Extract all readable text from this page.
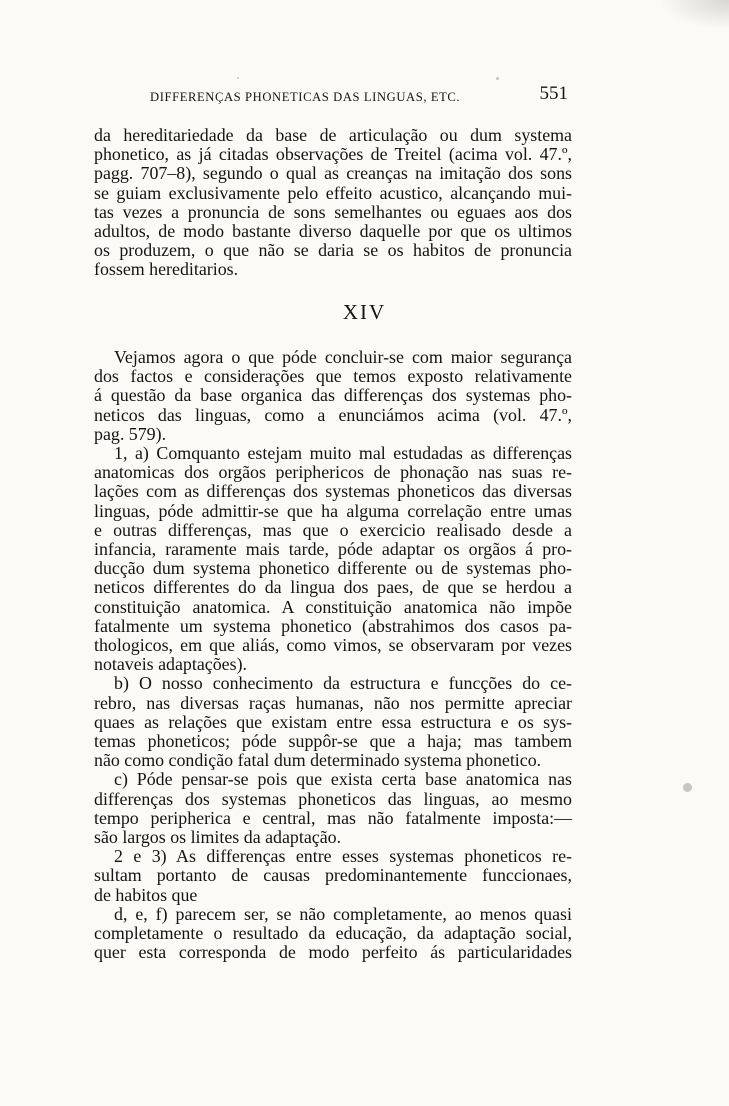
DIFFERENÇAS PHONETICAS DAS LINGUAS, ETC.	551
da hereditariedade da base de articulação ou dum systema
phonetico, as já citadas observações de Treitel (acima vol. 47.º,
pagg. 707–8), segundo o qual as creanças na imitação dos sons
se guiam exclusivamente pelo effeito acustico, alcançando mui-
tas vezes a pronuncia de sons semelhantes ou eguaes aos dos
adultos, de modo bastante diverso daquelle por que os ultimos
os produzem, o que não se daria se os habitos de pronuncia
fossem hereditarios.
XIV
Vejamos agora o que póde concluir-se com maior segurança
dos factos e considerações que temos exposto relativamente
á questão da base organica das differenças dos systemas pho-
neticos das linguas, como a enunciámos acima (vol. 47.º,
pag. 579).
1, a) Comquanto estejam muito mal estudadas as differenças
anatomicas dos orgãos periphericos de phonação nas suas re-
lações com as differenças dos systemas phoneticos das diversas
linguas, póde admittir-se que ha alguma correlação entre umas
e outras differenças, mas que o exercicio realisado desde a
infancia, raramente mais tarde, póde adaptar os orgãos á pro-
ducção dum systema phonetico differente ou de systemas pho-
neticos differentes do da lingua dos paes, de que se herdou a
constituição anatomica. A constituição anatomica não impõe
fatalmente um systema phonetico (abstrahimos dos casos pa-
thologicos, em que aliás, como vimos, se observaram por vezes
notaveis adaptações).
b) O nosso conhecimento da estructura e funcções do ce-
rebro, nas diversas raças humanas, não nos permitte apreciar
quaes as relações que existam entre essa estructura e os sys-
temas phoneticos; póde suppôr-se que a haja; mas tambem
não como condição fatal dum determinado systema phonetico.
c) Póde pensar-se pois que exista certa base anatomica nas
differenças dos systemas phoneticos das linguas, ao mesmo
tempo peripherica e central, mas não fatalmente imposta:—
são largos os limites da adaptação.
2 e 3) As differenças entre esses systemas phoneticos re-
sultam portanto de causas predominantemente funccionaes,
de habitos que
d, e, f) parecem ser, se não completamente, ao menos quasi
completamente o resultado da educação, da adaptação social,
quer esta corresponda de modo perfeito ás particularidades
